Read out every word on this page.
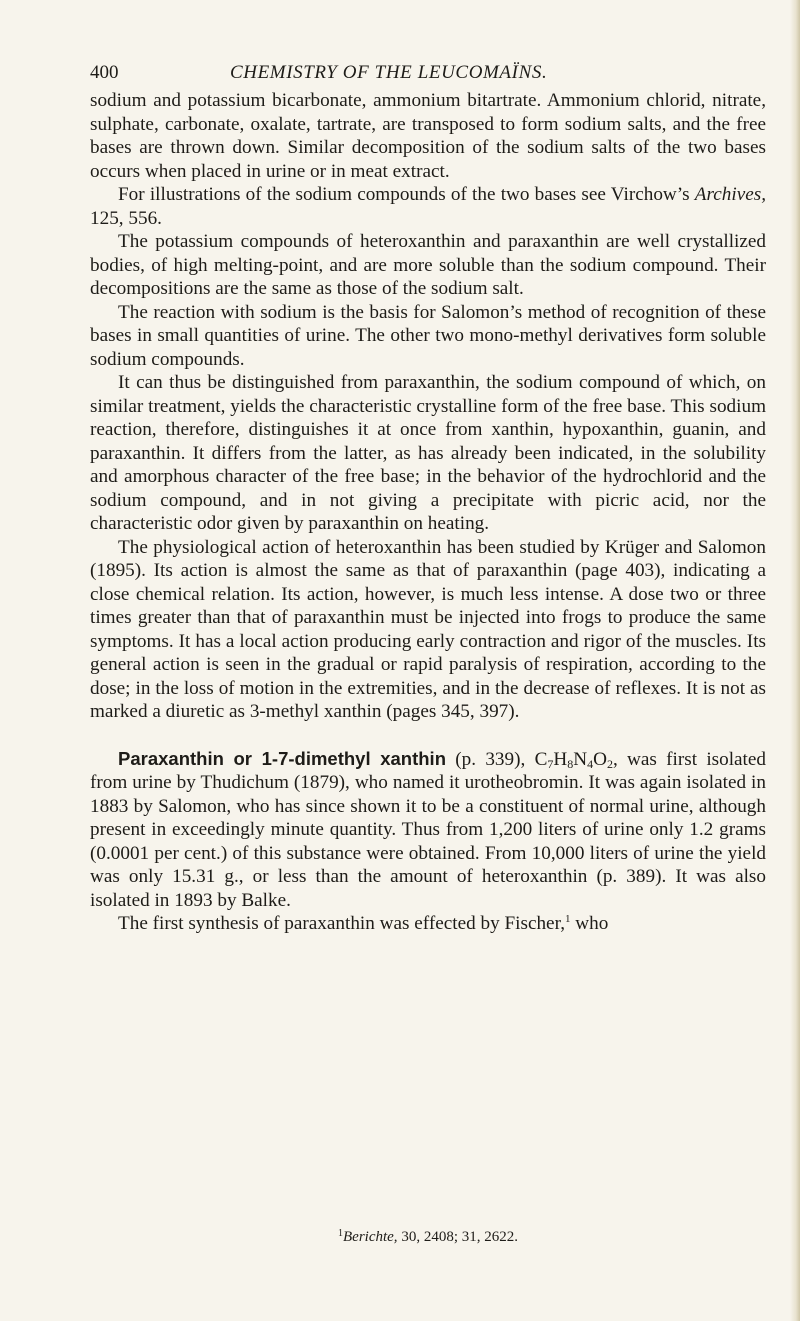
400	CHEMISTRY OF THE LEUCOMAÏNS.

sodium and potassium bicarbonate, ammonium bitartrate. Ammonium chlorid, nitrate, sulphate, carbonate, oxalate, tartrate, are transposed to form sodium salts, and the free bases are thrown down. Similar decomposition of the sodium salts of the two bases occurs when placed in urine or in meat extract.

For illustrations of the sodium compounds of the two bases see Virchow’s Archives, 125, 556.

The potassium compounds of heteroxanthin and paraxanthin are well crystallized bodies, of high melting-point, and are more soluble than the sodium compound. Their decompositions are the same as those of the sodium salt.

The reaction with sodium is the basis for Salomon’s method of recognition of these bases in small quantities of urine. The other two mono-methyl derivatives form soluble sodium compounds.

It can thus be distinguished from paraxanthin, the sodium compound of which, on similar treatment, yields the characteristic crystalline form of the free base. This sodium reaction, therefore, distinguishes it at once from xanthin, hypoxanthin, guanin, and paraxanthin. It differs from the latter, as has already been indicated, in the solubility and amorphous character of the free base; in the behavior of the hydrochlorid and the sodium compound, and in not giving a precipitate with picric acid, nor the characteristic odor given by paraxanthin on heating.

The physiological action of heteroxanthin has been studied by Krüger and Salomon (1895). Its action is almost the same as that of paraxanthin (page 403), indicating a close chemical relation. Its action, however, is much less intense. A dose two or three times greater than that of paraxanthin must be injected into frogs to produce the same symptoms. It has a local action producing early contraction and rigor of the muscles. Its general action is seen in the gradual or rapid paralysis of respiration, according to the dose; in the loss of motion in the extremities, and in the decrease of reflexes. It is not as marked a diuretic as 3-methyl xanthin (pages 345, 397).

Paraxanthin or 1-7-dimethyl xanthin (p. 339), $C_7H_8N_4O_2$, was first isolated from urine by Thudichum (1879), who named it urotheobromin. It was again isolated in 1883 by Salomon, who has since shown it to be a constituent of normal urine, although present in exceedingly minute quantity. Thus from 1,200 liters of urine only 1.2 grams (0.0001 per cent.) of this substance were obtained. From 10,000 liters of urine the yield was only 15.31 g., or less than the amount of heteroxanthin (p. 389). It was also isolated in 1893 by Balke.

The first synthesis of paraxanthin was effected by Fischer,$^1$ who

$^1$Berichte, 30, 2408; 31, 2622.
